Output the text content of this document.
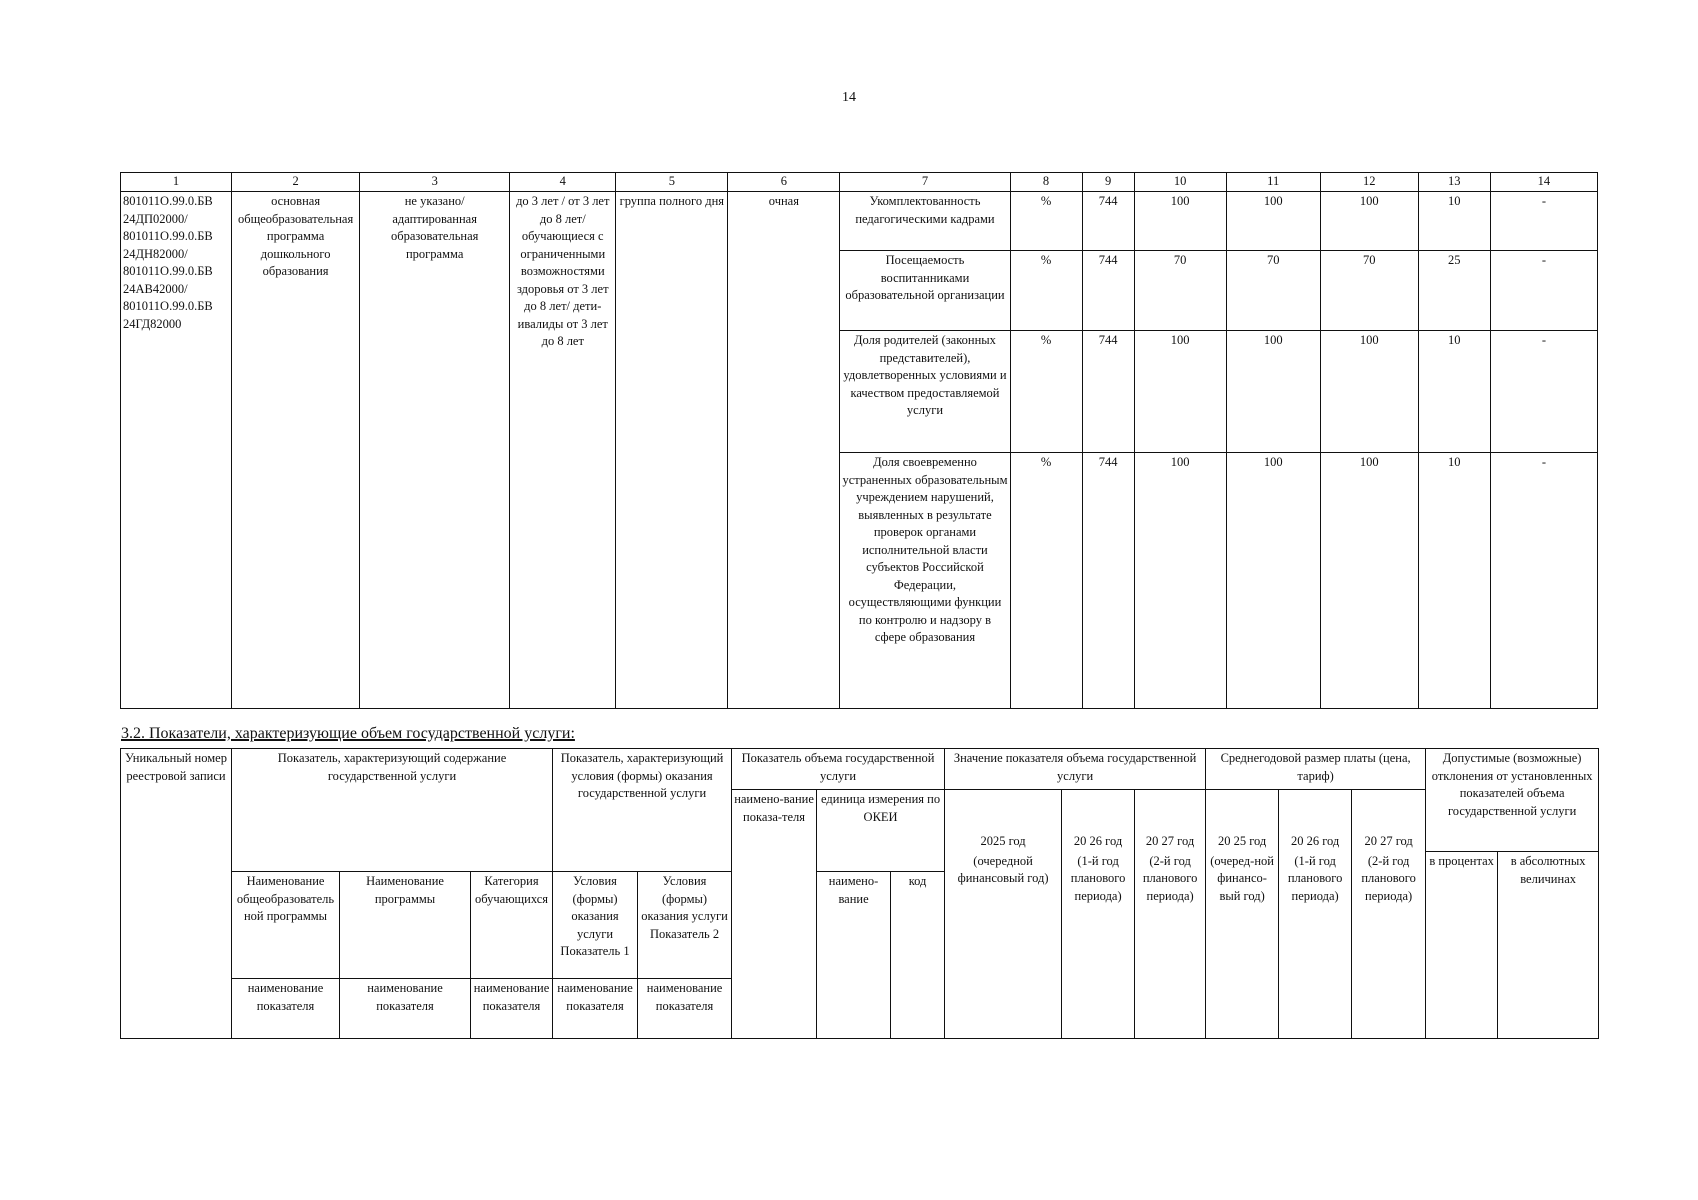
14
1	2	3	4	5	6	7	8	9	10	11	12	13	14
801011О.99.0.БВ 24ДП02000/ 801011О.99.0.БВ 24ДН82000/ 801011О.99.0.БВ 24АВ42000/ 801011О.99.0.БВ 24ГД82000	основная общеобразовательная программа дошкольного образования	не указано/ адаптированная образовательная программа	до 3 лет / от 3 лет до 8 лет/ обучающиеся с ограниченными возможностями здоровья от 3 лет до 8 лет/ дети-ивалиды от 3 лет до 8 лет	группа полного дня	очная	Укомплектованность педагогическими кадрами	%	744	100	100	100	10	-
						Посещаемость воспитанниками образовательной организации	%	744	70	70	70	25	-
						Доля родителей (законных представителей), удовлетворенных условиями и качеством предоставляемой услуги	%	744	100	100	100	10	-
						Доля своевременно устраненных образовательным учреждением нарушений, выявленных в результате проверок органами исполнительной власти субъектов Российской Федерации, осуществляющими функции по контролю и надзору в сфере образования	%	744	100	100	100	10	-
3.2. Показатели, характеризующие объем государственной услуги:
Уникальный номер реестровой записи	Показатель, характеризующий содержание государственной услуги			Показатель, характеризующий условия (формы) оказания государственной услуги		Показатель объема государственной услуги			Значение показателя объема государственной услуги			Среднегодовой размер платы (цена, тариф)			Допустимые (возможные) отклонения от установленных показателей объема государственной услуги	
						наимено-вание показа-теля	единица измерения по ОКЕИ		2025 год	20 26 год	20 27 год	20 25 год	20 26 год	20 27 год		
									(очередной финансовый год)	(1-й год планового периода)	(2-й год планового периода)	(очеред-ной финансо-вый год)	(1-й год планового периода)	(2-й год планового периода)	в процентах	в абсолютных величинах
	Наименование общеобразовательной программы	Наименование программы	Категория обучающихся	Условия (формы) оказания услуги Показатель 1	Условия (формы) оказания услуги Показатель 2		наимено-вание	код								
	наименование показателя	наименование показателя	наименование показателя	наименование показателя	наименование показателя											
